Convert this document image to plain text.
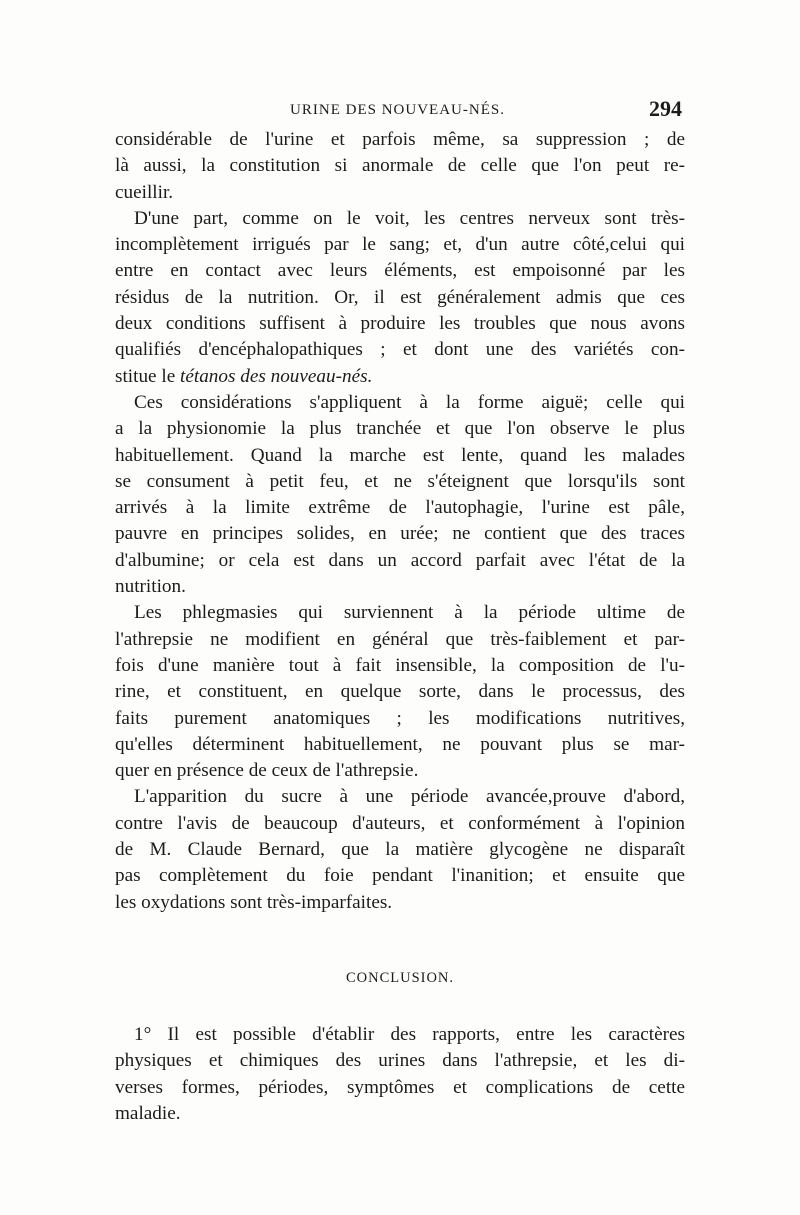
URINE DES NOUVEAU-NÉS.	294
considérable de l'urine et parfois même, sa suppression ; de
là aussi, la constitution si anormale de celle que l'on peut re-
cueillir.
D'une part, comme on le voit, les centres nerveux sont très-
incomplètement irrigués par le sang; et, d'un autre côté,celui qui
entre en contact avec leurs éléments, est empoisonné par les
résidus de la nutrition. Or, il est généralement admis que ces
deux conditions suffisent à produire les troubles que nous avons
qualifiés d'encéphalopathiques ; et dont une des variétés con-
stitue le tétanos des nouveau-nés.
Ces considérations s'appliquent à la forme aiguë; celle qui
a la physionomie la plus tranchée et que l'on observe le plus
habituellement. Quand la marche est lente, quand les malades
se consument à petit feu, et ne s'éteignent que lorsqu'ils sont
arrivés à la limite extrême de l'autophagie, l'urine est pâle,
pauvre en principes solides, en urée; ne contient que des traces
d'albumine; or cela est dans un accord parfait avec l'état de la
nutrition.
Les phlegmasies qui surviennent à la période ultime de
l'athrepsie ne modifient en général que très-faiblement et par-
fois d'une manière tout à fait insensible, la composition de l'u-
rine, et constituent, en quelque sorte, dans le processus, des
faits purement anatomiques ; les modifications nutritives,
qu'elles déterminent habituellement, ne pouvant plus se mar-
quer en présence de ceux de l'athrepsie.
L'apparition du sucre à une période avancée,prouve d'abord,
contre l'avis de beaucoup d'auteurs, et conformément à l'opinion
de M. Claude Bernard, que la matière glycogène ne disparaît
pas complètement du foie pendant l'inanition; et ensuite que
les oxydations sont très-imparfaites.
CONCLUSION.
1° Il est possible d'établir des rapports, entre les caractères
physiques et chimiques des urines dans l'athrepsie, et les di-
verses formes, périodes, symptômes et complications de cette
maladie.
